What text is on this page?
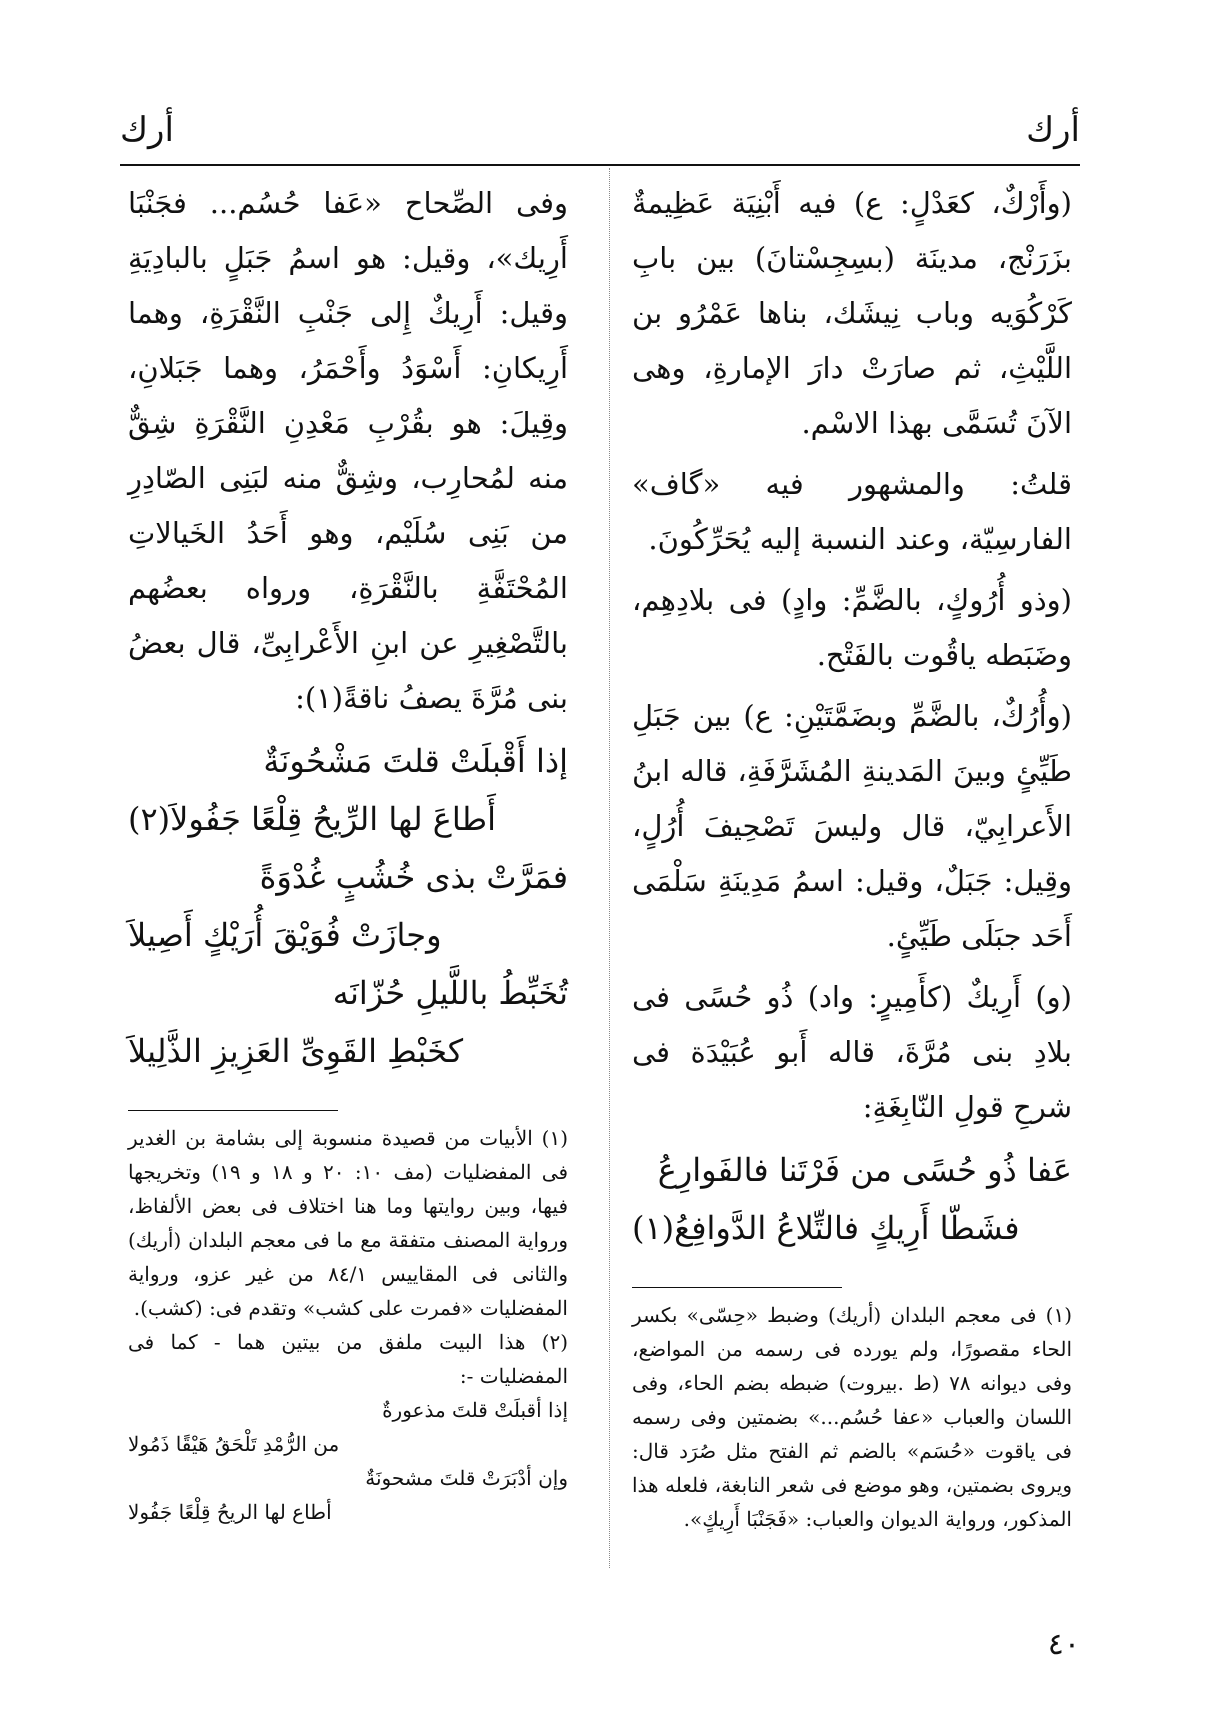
أرك
أرك

(وأَرْكٌ، كعَدْلٍ: ع) فيه أَبْنِيَة عَظِيمةٌ بزَرَنْج، مدينَة (بسِجِسْتانَ) بين بابِ كَرْكُوَيه وباب نِيشَك، بناها عَمْرُو بن اللَّيْثِ، ثم صارَتْ دارَ الإمارةِ، وهى الآنَ تُسَمَّى بهذا الاسْم.

قلتُ: والمشهور فيه «گاف» الفارسِيّة، وعند النسبة إليه يُحَرِّكُونَ.

(وذو أُرُوكٍ، بالضَّمِّ: وادٍ) فى بلادِهِم، وضَبَطه ياقُوت بالفَتْح.

(وأُرُكٌ، بالضَّمِّ وبضَمَّتَيْنِ: ع) بين جَبَلِ طَيِّئٍ وبينَ المَدينةِ المُشَرَّفَةِ، قاله ابنُ الأَعرابِيّ، قال وليسَ تَصْحِيفَ أُرُلٍ، وقِيل: جَبَلٌ، وقيل: اسمُ مَدِينَةِ سَلْمَى أَحَد جبَلَى طَيِّئٍ.

(و) أَرِيكٌ (كأَمِيرٍ: واد) ذُو حُسًى فى بلادِ بنى مُرَّةَ، قاله أَبو عُبَيْدَة فى شرحِ قولِ النّابِغَةِ:

عَفا ذُو حُسًى من فَرْتَنا فالفَوارِعُ

فشَطّا أَرِيكٍ فالتِّلاعُ الدَّوافِعُ(١)

(١) فى معجم البلدان (أريك) وضبط «حِسّى» بكسر الحاء مقصورًا، ولم يورده فى رسمه من المواضع، وفى ديوانه ٧٨ (ط .بيروت) ضبطه بضم الحاء، وفى اللسان والعباب «عفا حُسُم...» بضمتين وفى رسمه فى ياقوت «حُسَم» بالضم ثم الفتح مثل صُرَد قال: ويروى بضمتين، وهو موضع فى شعر النابغة، فلعله هذا المذكور، ورواية الديوان والعباب: «فَجَنْبَا أَرِيكٍ».

وفى الصِّحاح «عَفا حُسُم... فجَنْبَا أَرِيك»، وقيل: هو اسمُ جَبَلٍ بالبادِيَةِ وقيل: أَرِيكٌ إِلى جَنْبِ النَّقْرَةِ، وهما أَرِيكانِ: أَسْوَدُ وأَحْمَرُ، وهما جَبَلانِ، وقِيلَ: هو بقُرْبِ مَعْدِنِ النَّقْرَةِ شِقٌّ منه لمُحارِب، وشِقٌّ منه لبَنِى الصّادِرِ من بَنِى سُلَيْم، وهو أَحَدُ الخَيالاتِ المُحْتَفَّةِ بالنَّقْرَةِ، ورواه بعضُهم بالتَّصْغِيرِ عن ابنِ الأَعْرابِىِّ، قال بعضُ بنى مُرَّةَ يصفُ ناقةً(١):

إذا أَقْبلَتْ قلتَ مَشْحُونَةٌ

أَطاعَ لها الرِّيحُ قِلْعًا جَفُولاَ(٢)

فمَرَّتْ بذى خُشُبٍ غُدْوَةً

وجازَتْ فُوَيْقَ أُرَيْكٍ أَصِيلاَ

تُخَبِّطُ باللَّيلِ حُزّانَه

كخَبْطِ القَوِىِّ العَزِيزِ الذَّلِيلاَ

(١) الأبيات من قصيدة منسوبة إلى بشامة بن الغدير فى المفضليات (مف ١٠: ٢٠ و ١٨ و ١٩) وتخريجها فيها، وبين روايتها وما هنا اختلاف فى بعض الألفاظ، ورواية المصنف متفقة مع ما فى معجم البلدان (أريك) والثانى فى المقاييس ٨٤/١ من غير عزو، ورواية المفضليات «فمرت على كشب» وتقدم فى: (كشب).

(٢) هذا البيت ملفق من بيتين هما - كما فى المفضليات -:

إذا أقبلَتْ قلتَ مذعورةٌ

من الرُّمْدِ تَلْحَقُ هَيْقًا ذَمُولا

وإن أدْبَرَتْ قلتَ مشحونَةٌ

أطاع لها الريحُ قِلْعًا جَفُولا

٤٠
